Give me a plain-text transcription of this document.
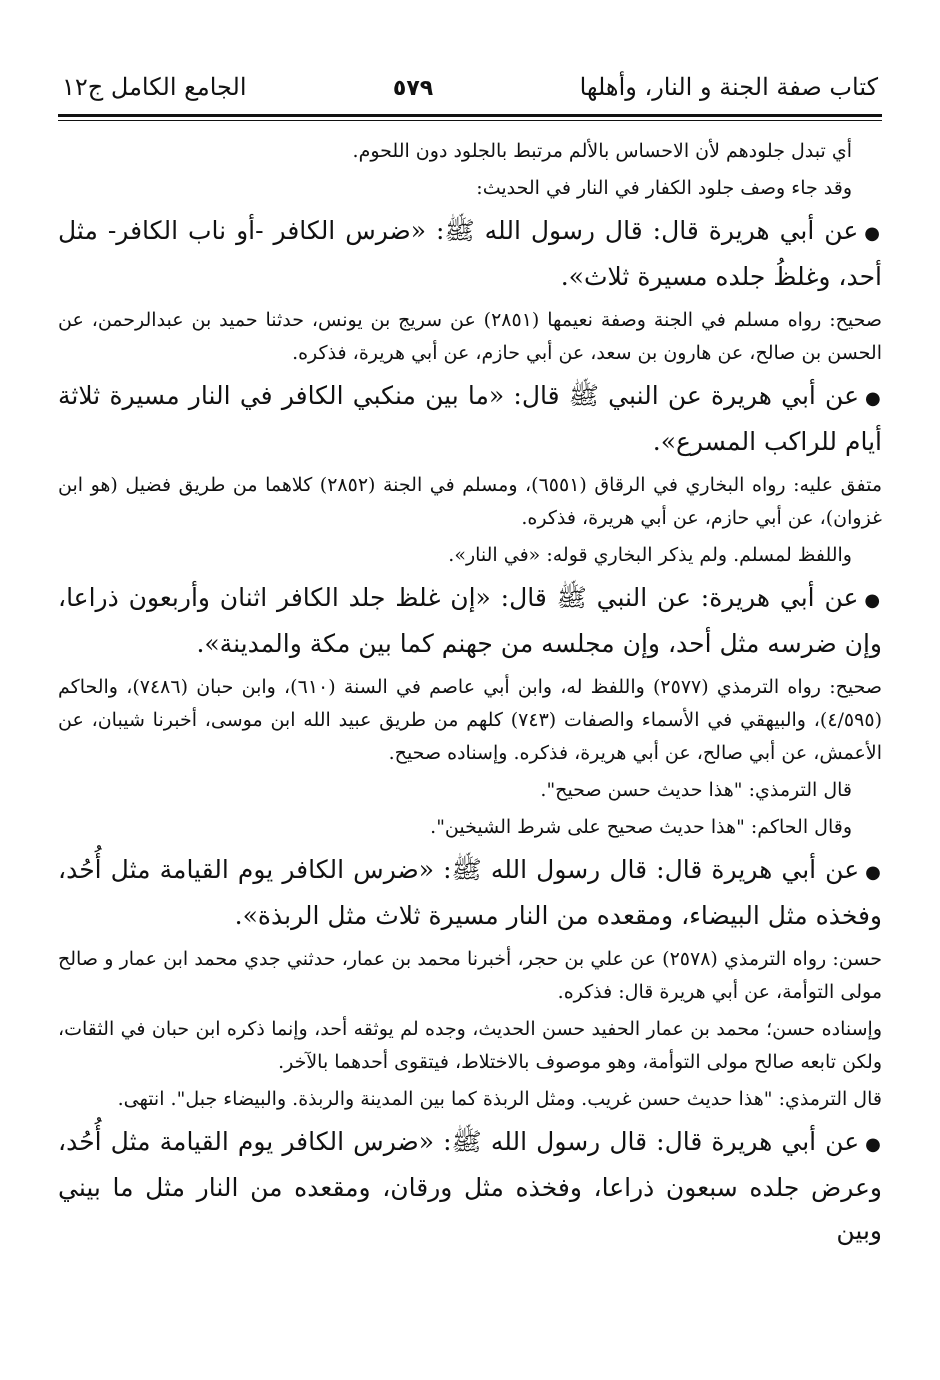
كتاب صفة الجنة و النار، وأهلها
٥٧٩
الجامع الكامل ج١٢
أي تبدل جلودهم لأن الاحساس بالألم مرتبط بالجلود دون اللحوم.
وقد جاء وصف جلود الكفار في النار في الحديث:
●عن أبي هريرة قال: قال رسول الله ﷺ: «ضرس الكافر -أو ناب الكافر- مثل أحد، وغلظُ جلده مسيرة ثلاث».
صحيح: رواه مسلم في الجنة وصفة نعيمها (٢٨٥١) عن سريج بن يونس، حدثنا حميد بن عبدالرحمن، عن الحسن بن صالح، عن هارون بن سعد، عن أبي حازم، عن أبي هريرة، فذكره.
●عن أبي هريرة عن النبي ﷺ قال: «ما بين منكبي الكافر في النار مسيرة ثلاثة أيام للراكب المسرع».
متفق عليه: رواه البخاري في الرقاق (٦٥٥١)، ومسلم في الجنة (٢٨٥٢) كلاهما من طريق فضيل (هو ابن غزوان)، عن أبي حازم، عن أبي هريرة، فذكره.
واللفظ لمسلم. ولم يذكر البخاري قوله: «في النار».
●عن أبي هريرة: عن النبي ﷺ قال: «إن غلظ جلد الكافر اثنان وأربعون ذراعا، وإن ضرسه مثل أحد، وإن مجلسه من جهنم كما بين مكة والمدينة».
صحيح: رواه الترمذي (٢٥٧٧) واللفظ له، وابن أبي عاصم في السنة (٦١٠)، وابن حبان (٧٤٨٦)، والحاكم (٤/٥٩٥)، والبيهقي في الأسماء والصفات (٧٤٣) كلهم من طريق عبيد الله ابن موسى، أخبرنا شيبان، عن الأعمش، عن أبي صالح، عن أبي هريرة، فذكره. وإسناده صحيح.
قال الترمذي: "هذا حديث حسن صحيح".
وقال الحاكم: "هذا حديث صحيح على شرط الشيخين".
●عن أبي هريرة قال: قال رسول الله ﷺ: «ضرس الكافر يوم القيامة مثل أُحُد، وفخذه مثل البيضاء، ومقعده من النار مسيرة ثلاث مثل الربذة».
حسن: رواه الترمذي (٢٥٧٨) عن علي بن حجر، أخبرنا محمد بن عمار، حدثني جدي محمد ابن عمار و صالح مولى التوأمة، عن أبي هريرة قال: فذكره.
وإسناده حسن؛ محمد بن عمار الحفيد حسن الحديث، وجده لم يوثقه أحد، وإنما ذكره ابن حبان في الثقات، ولكن تابعه صالح مولى التوأمة، وهو موصوف بالاختلاط، فيتقوى أحدهما بالآخر.
قال الترمذي: "هذا حديث حسن غريب. ومثل الربذة كما بين المدينة والربذة. والبيضاء جبل". انتهى.
●عن أبي هريرة قال: قال رسول الله ﷺ: «ضرس الكافر يوم القيامة مثل أُحُد، وعرض جلده سبعون ذراعا، وفخذه مثل ورقان، ومقعده من النار مثل ما بيني وبين
